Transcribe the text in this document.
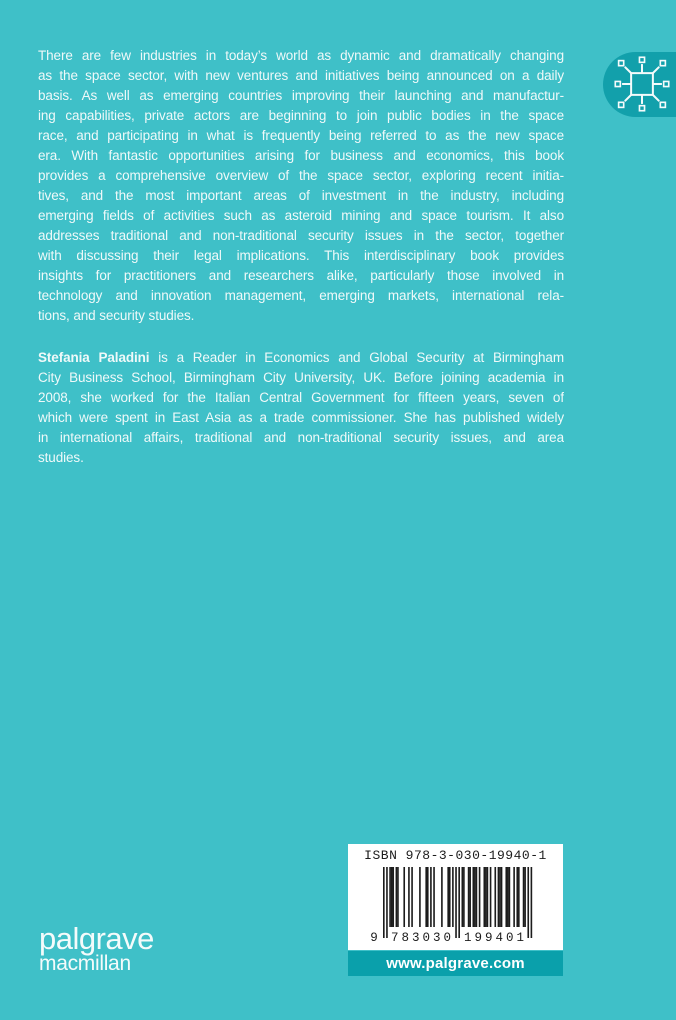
There are few industries in today’s world as dynamic and dramatically changing
as the space sector, with new ventures and initiatives being announced on a daily
basis. As well as emerging countries improving their launching and manufactur-
ing capabilities, private actors are beginning to join public bodies in the space
race, and participating in what is frequently being referred to as the new space
era. With fantastic opportunities arising for business and economics, this book
provides a comprehensive overview of the space sector, exploring recent initia-
tives, and the most important areas of investment in the industry, including
emerging fields of activities such as asteroid mining and space tourism. It also
addresses traditional and non-traditional security issues in the sector, together
with discussing their legal implications. This interdisciplinary book provides
insights for practitioners and researchers alike, particularly those involved in
technology and innovation management, emerging markets, international rela-
tions, and security studies.
Stefania Paladini is a Reader in Economics and Global Security at Birmingham
City Business School, Birmingham City University, UK. Before joining academia in
2008, she worked for the Italian Central Government for fifteen years, seven of
which were spent in East Asia as a trade commissioner. She has published widely
in international affairs, traditional and non-traditional security issues, and area
studies.
ISBN 978-3-030-19940-1
9 783030 199401
www.palgrave.com
palgrave
macmillan
